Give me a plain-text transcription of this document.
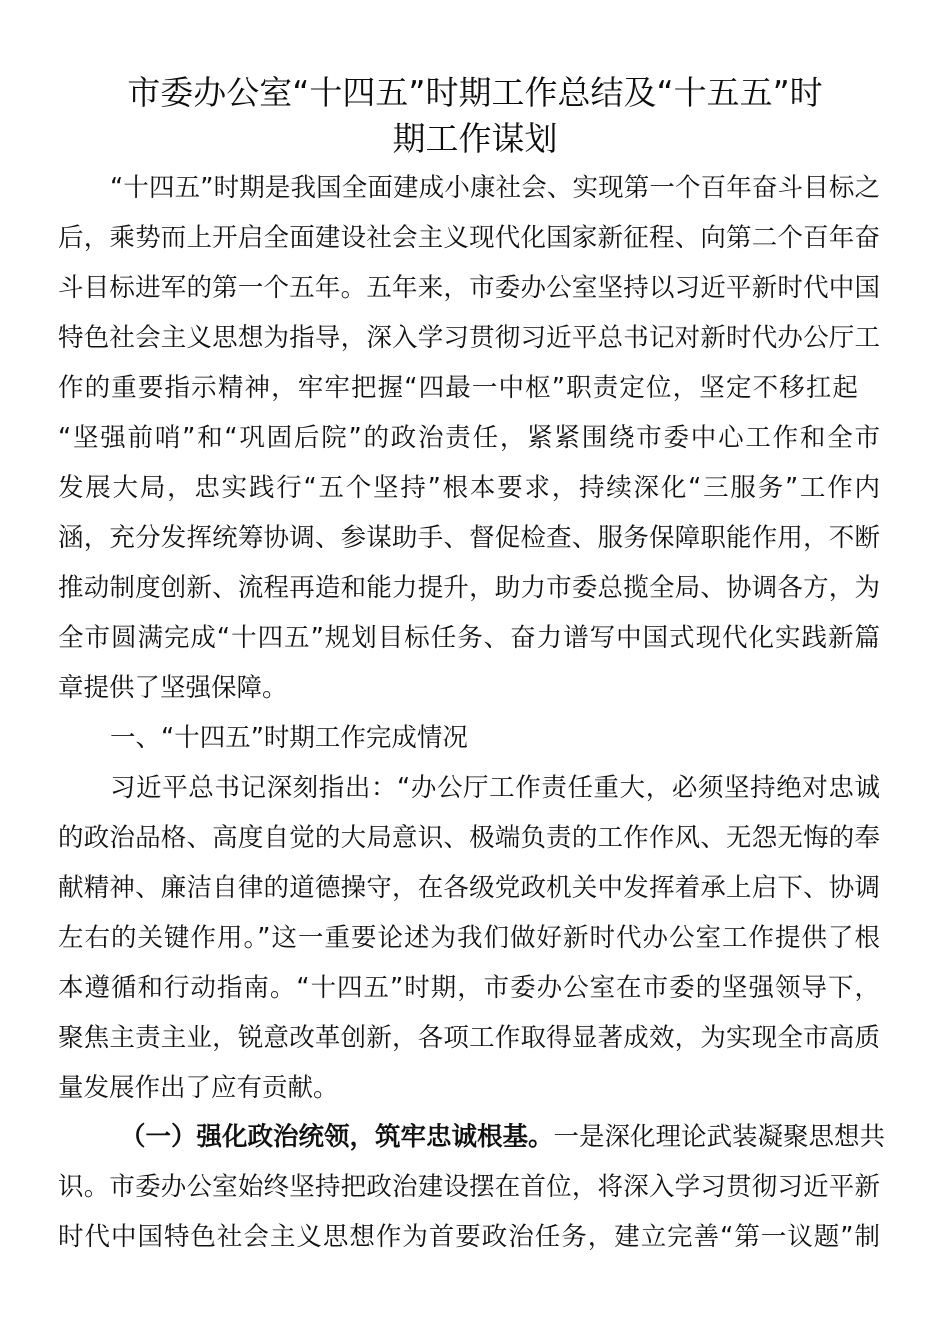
市委办公室“十四五”时期工作总结及“十五五”时
期工作谋划
“十四五”时期是我国全面建成小康社会、实现第一个百年奋斗目标之
后，乘势而上开启全面建设社会主义现代化国家新征程、向第二个百年奋
斗目标进军的第一个五年。五年来，市委办公室坚持以习近平新时代中国
特色社会主义思想为指导，深入学习贯彻习近平总书记对新时代办公厅工
作的重要指示精神，牢牢把握“四最一中枢”职责定位，坚定不移扛起
“坚强前哨”和“巩固后院”的政治责任，紧紧围绕市委中心工作和全市
发展大局，忠实践行“五个坚持”根本要求，持续深化“三服务”工作内
涵，充分发挥统筹协调、参谋助手、督促检查、服务保障职能作用，不断
推动制度创新、流程再造和能力提升，助力市委总揽全局、协调各方，为
全市圆满完成“十四五”规划目标任务、奋力谱写中国式现代化实践新篇
章提供了坚强保障。
一、“十四五”时期工作完成情况
习近平总书记深刻指出：“办公厅工作责任重大，必须坚持绝对忠诚
的政治品格、高度自觉的大局意识、极端负责的工作作风、无怨无悔的奉
献精神、廉洁自律的道德操守，在各级党政机关中发挥着承上启下、协调
左右的关键作用。”这一重要论述为我们做好新时代办公室工作提供了根
本遵循和行动指南。“十四五”时期，市委办公室在市委的坚强领导下，
聚焦主责主业，锐意改革创新，各项工作取得显著成效，为实现全市高质
量发展作出了应有贡献。
（一）强化政治统领，筑牢忠诚根基。一是深化理论武装凝聚思想共
识。市委办公室始终坚持把政治建设摆在首位，将深入学习贯彻习近平新
时代中国特色社会主义思想作为首要政治任务，建立完善“第一议题”制
